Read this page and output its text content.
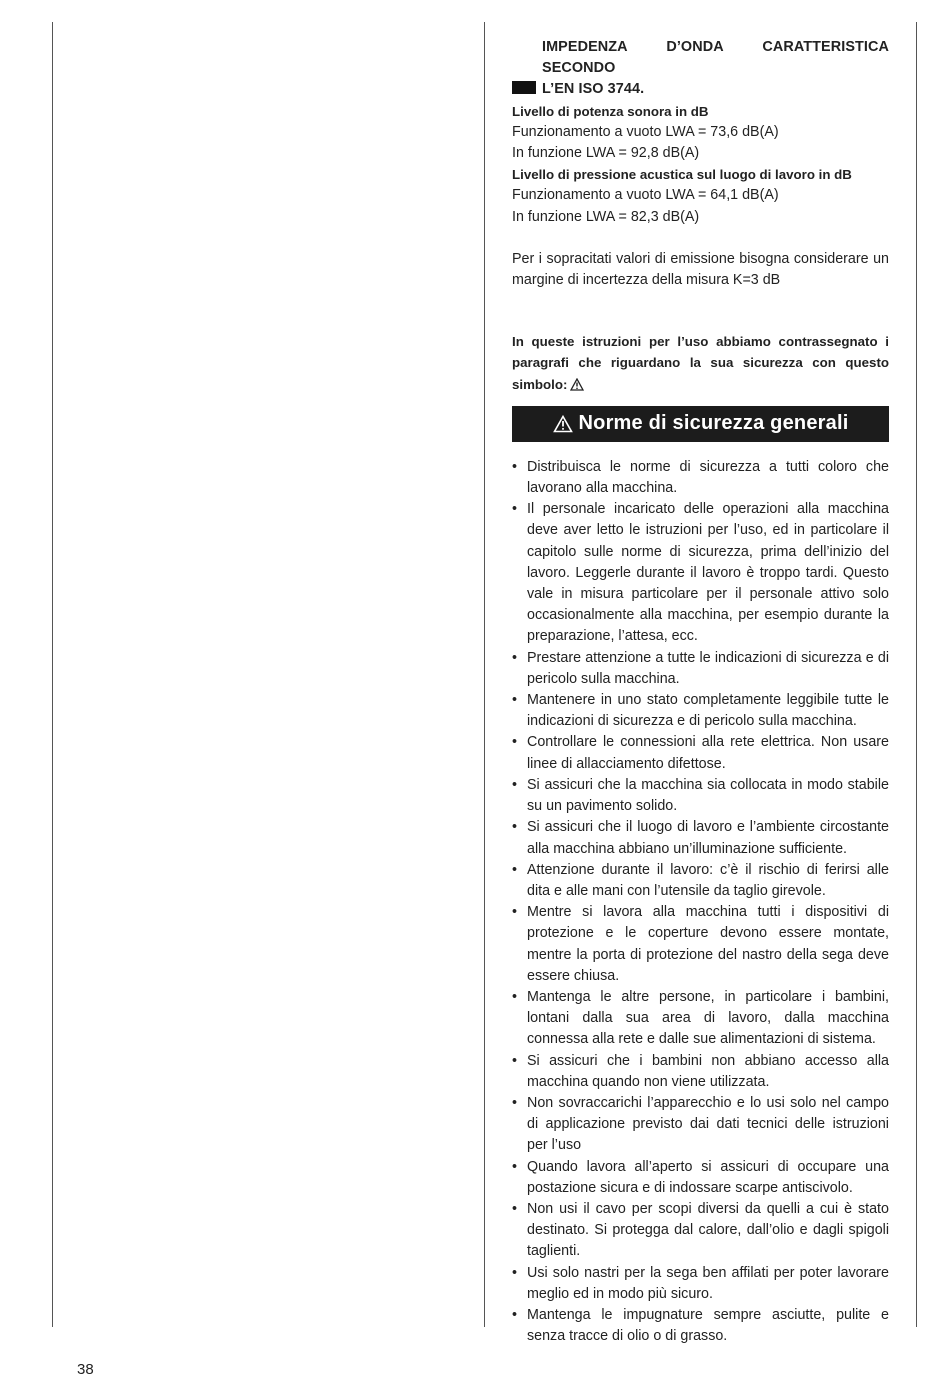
IMPEDENZA D’ONDA CARATTERISTICA SECONDO
L’EN ISO 3744.
Livello di potenza sonora in dB
Funzionamento a vuoto LWA = 73,6 dB(A)
In funzione LWA = 92,8 dB(A)
Livello di pressione acustica sul luogo di lavoro in dB
Funzionamento a vuoto LWA = 64,1 dB(A)
In funzione LWA = 82,3 dB(A)
Per i sopracitati valori di emissione bisogna considerare un margine di incertezza della misura K=3 dB
In queste istruzioni per l’uso abbiamo contrassegnato i paragrafi che riguardano la sua sicurezza con questo simbolo:
Norme di sicurezza generali
• Distribuisca le norme di sicurezza a tutti coloro che lavorano alla macchina.
• Il personale incaricato delle operazioni alla macchina deve aver letto le istruzioni per l’uso, ed in particolare il capitolo sulle norme di sicurezza, prima dell’inizio del lavoro. Leggerle durante il lavoro è troppo tardi. Questo vale in misura particolare per il personale attivo solo occasionalmente alla macchina, per esempio durante la preparazione, l’attesa, ecc.
• Prestare attenzione a tutte le indicazioni di sicurezza e di pericolo sulla macchina.
• Mantenere in uno stato completamente leggibile tutte le indicazioni di sicurezza e di pericolo sulla macchina.
• Controllare le connessioni alla rete elettrica. Non usare linee di allacciamento difettose.
• Si assicuri che la macchina sia collocata in modo stabile su un pavimento solido.
• Si assicuri che il luogo di lavoro e l’ambiente circostante alla macchina abbiano un’illuminazione sufficiente.
• Attenzione durante il lavoro: c’è il rischio di ferirsi alle dita e alle mani con l’utensile da taglio girevole.
• Mentre si lavora alla macchina tutti i dispositivi di protezione e le coperture devono essere montate, mentre la porta di protezione del nastro della sega deve essere chiusa.
• Mantenga le altre persone, in particolare i bambini, lontani dalla sua area di lavoro, dalla macchina connessa alla rete e dalle sue alimentazioni di sistema.
• Si assicuri che i bambini non abbiano accesso alla macchina quando non viene utilizzata.
• Non sovraccarichi l’apparecchio e lo usi solo nel campo di applicazione previsto dai dati tecnici delle istruzioni per l’uso
• Quando lavora all’aperto si assicuri di occupare una postazione sicura e di indossare scarpe antiscivolo.
• Non usi il cavo per scopi diversi da quelli a cui è stato destinato. Si protegga dal calore, dall’olio e dagli spigoli taglienti.
• Usi solo nastri per la sega ben affilati per poter lavorare meglio ed in modo più sicuro.
• Mantenga le impugnature sempre asciutte, pulite e senza tracce di olio o di grasso.
38
